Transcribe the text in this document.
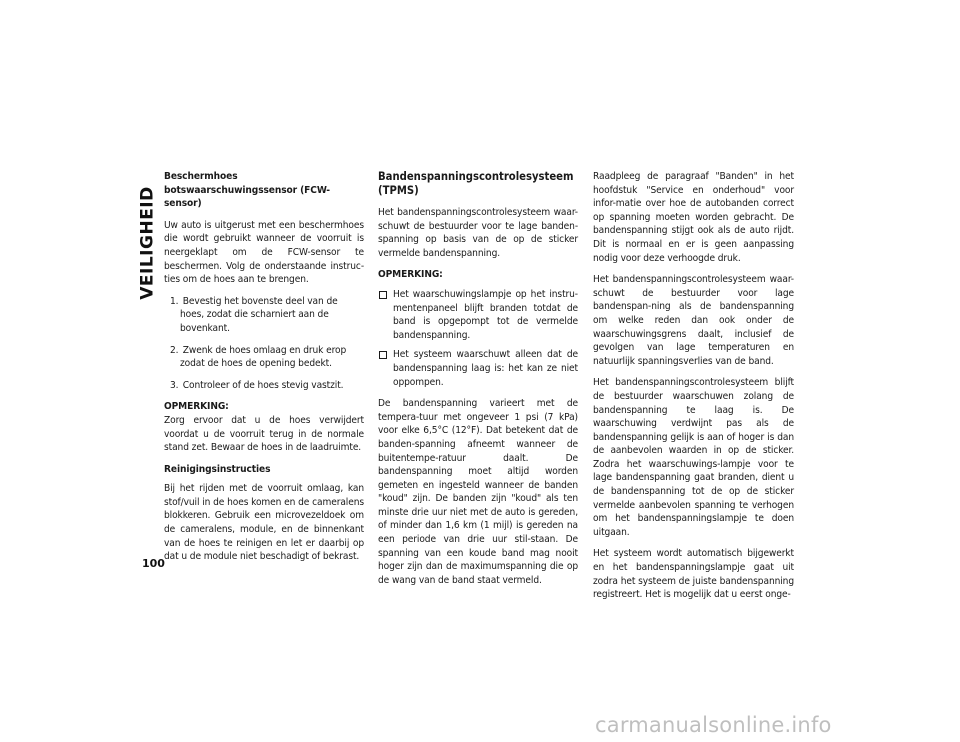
VEILIGHEID
100
Beschermhoes botswaarschuwingssensor (FCW-sensor)

Uw auto is uitgerust met een beschermhoes die wordt gebruikt wanneer de voorruit is neergeklapt om de FCW-sensor te beschermen. Volg de onderstaande instruc-ties om de hoes aan te brengen.

1. Bevestig het bovenste deel van de hoes, zodat die scharniert aan de bovenkant.
2. Zwenk de hoes omlaag en druk erop zodat de hoes de opening bedekt.
3. Controleer of de hoes stevig vastzit.
OPMERKING:

Zorg ervoor dat u de hoes verwijdert voordat u de voorruit terug in de normale stand zet. Bewaar de hoes in de laadruimte.

Reinigingsinstructies

Bij het rijden met de voorruit omlaag, kan stof/vuil in de hoes komen en de cameralens blokkeren. Gebruik een microvezeldoek om de cameralens, module, en de binnenkant van de hoes te reinigen en let er daarbij op dat u de module niet beschadigt of bekrast.

Bandenspanningscontrolesysteem (TPMS)

Het bandenspanningscontrolesysteem waar-schuwt de bestuurder voor te lage banden-spanning op basis van de op de sticker vermelde bandenspanning.

OPMERKING:
Het waarschuwingslampje op het instru-mentenpaneel blijft branden totdat de band is opgepompt tot de vermelde bandenspanning.
Het systeem waarschuwt alleen dat de bandenspanning laag is: het kan ze niet oppompen.

De bandenspanning varieert met de tempera-tuur met ongeveer 1 psi (7 kPa) voor elke 6,5°C (12°F). Dat betekent dat de banden-spanning afneemt wanneer de buitentempe-ratuur daalt. De bandenspanning moet altijd worden gemeten en ingesteld wanneer de banden "koud" zijn. De banden zijn "koud" als ten minste drie uur niet met de auto is gereden, of minder dan 1,6 km (1 mijl) is gereden na een periode van drie uur stil-staan. De spanning van een koude band mag nooit hoger zijn dan de maximumspanning die op de wang van de band staat vermeld.

Raadpleeg de paragraaf "Banden" in het hoofdstuk "Service en onderhoud" voor infor-matie over hoe de autobanden correct op spanning moeten worden gebracht. De bandenspanning stijgt ook als de auto rijdt. Dit is normaal en er is geen aanpassing nodig voor deze verhoogde druk.

Het bandenspanningscontrolesysteem waar-schuwt de bestuurder voor lage bandenspan-ning als de bandenspanning om welke reden dan ook onder de waarschuwingsgrens daalt, inclusief de gevolgen van lage temperaturen en natuurlijk spanningsverlies van de band.

Het bandenspanningscontrolesysteem blijft de bestuurder waarschuwen zolang de bandenspanning te laag is. De waarschuwing verdwijnt pas als de bandenspanning gelijk is aan of hoger is dan de aanbevolen waarden in op de sticker. Zodra het waarschuwings-lampje voor te lage bandenspanning gaat branden, dient u de bandenspanning tot de op de sticker vermelde aanbevolen spanning te verhogen om het bandenspanningslampje te doen uitgaan.

Het systeem wordt automatisch bijgewerkt en het bandenspanningslampje gaat uit zodra het systeem de juiste bandenspanning registreert. Het is mogelijk dat u eerst onge-

carmanualsonline.info
